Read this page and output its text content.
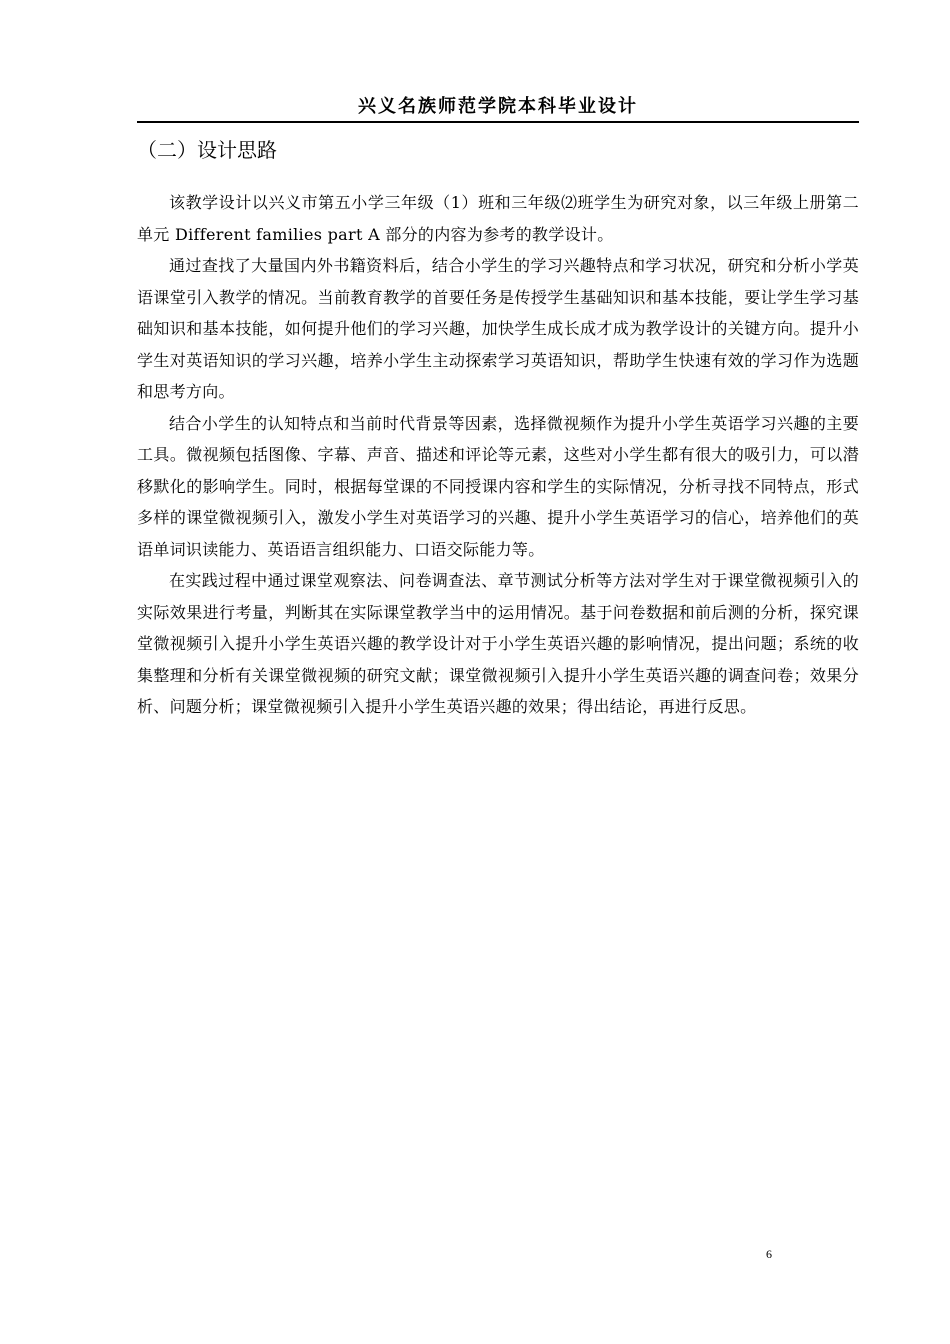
兴义名族师范学院本科毕业设计
（二）设计思路

该教学设计以兴义市第五小学三年级（1）班和三年级⑵班学生为研究对象，以三年级上册第二单元 Different families part A 部分的内容为参考的教学设计。

通过查找了大量国内外书籍资料后，结合小学生的学习兴趣特点和学习状况，研究和分析小学英语课堂引入教学的情况。当前教育教学的首要任务是传授学生基础知识和基本技能，要让学生学习基础知识和基本技能，如何提升他们的学习兴趣，加快学生成长成才成为教学设计的关键方向。提升小学生对英语知识的学习兴趣，培养小学生主动探索学习英语知识，帮助学生快速有效的学习作为选题和思考方向。

结合小学生的认知特点和当前时代背景等因素，选择微视频作为提升小学生英语学习兴趣的主要工具。微视频包括图像、字幕、声音、描述和评论等元素，这些对小学生都有很大的吸引力，可以潜移默化的影响学生。同时，根据每堂课的不同授课内容和学生的实际情况，分析寻找不同特点，形式多样的课堂微视频引入，激发小学生对英语学习的兴趣、提升小学生英语学习的信心，培养他们的英语单词识读能力、英语语言组织能力、口语交际能力等。

在实践过程中通过课堂观察法、问卷调查法、章节测试分析等方法对学生对于课堂微视频引入的实际效果进行考量，判断其在实际课堂教学当中的运用情况。基于问卷数据和前后测的分析，探究课堂微视频引入提升小学生英语兴趣的教学设计对于小学生英语兴趣的影响情况，提出问题；系统的收集整理和分析有关课堂微视频的研究文献；课堂微视频引入提升小学生英语兴趣的调查问卷；效果分析、问题分析；课堂微视频引入提升小学生英语兴趣的效果；得出结论，再进行反思。

6
